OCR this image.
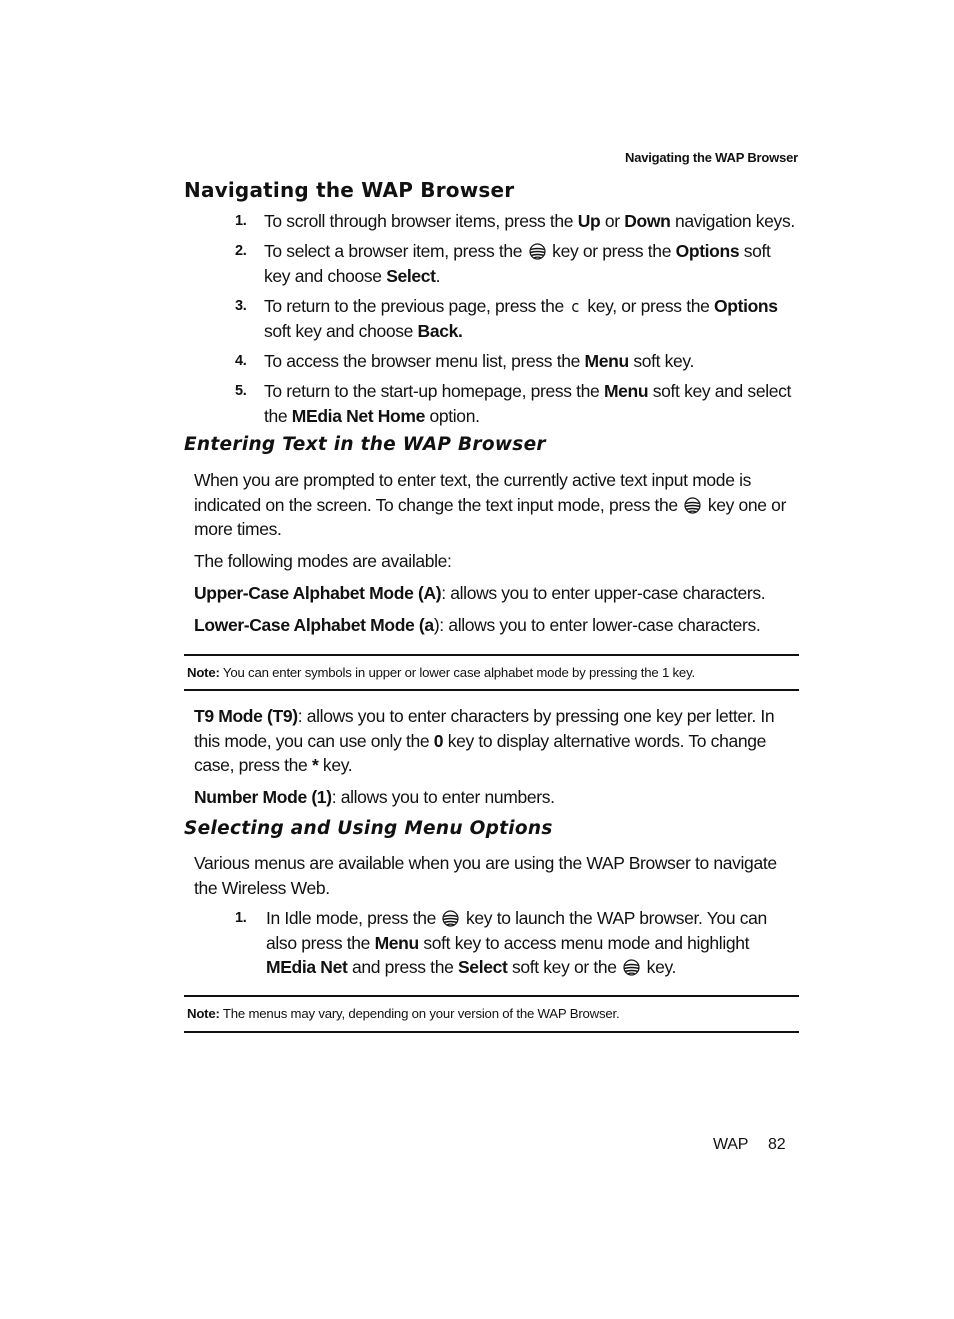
Navigating the WAP Browser
Navigating the WAP Browser
1. To scroll through browser items, press the Up or Down navigation keys.
2. To select a browser item, press the  key or press the Options soft key and choose Select.
3. To return to the previous page, press the c key, or press the Options soft key and choose Back.
4. To access the browser menu list, press the Menu soft key.
5. To return to the start-up homepage, press the Menu soft key and select the MEdia Net Home option.
Entering Text in the WAP Browser

When you are prompted to enter text, the currently active text input mode is indicated on the screen. To change the text input mode, press the  key one or more times.

The following modes are available:

Upper-Case Alphabet Mode (A): allows you to enter upper-case characters.

Lower-Case Alphabet Mode (a): allows you to enter lower-case characters.

Note: You can enter symbols in upper or lower case alphabet mode by pressing the 1 key.

T9 Mode (T9): allows you to enter characters by pressing one key per letter. In this mode, you can use only the 0 key to display alternative words. To change case, press the * key.

Number Mode (1): allows you to enter numbers.

Selecting and Using Menu Options

Various menus are available when you are using the WAP Browser to navigate the Wireless Web.

1. In Idle mode, press the  key to launch the WAP browser. You can also press the Menu soft key to access menu mode and highlight MEdia Net and press the Select soft key or the  key.
Note: The menus may vary, depending on your version of the WAP Browser.
WAP 82
